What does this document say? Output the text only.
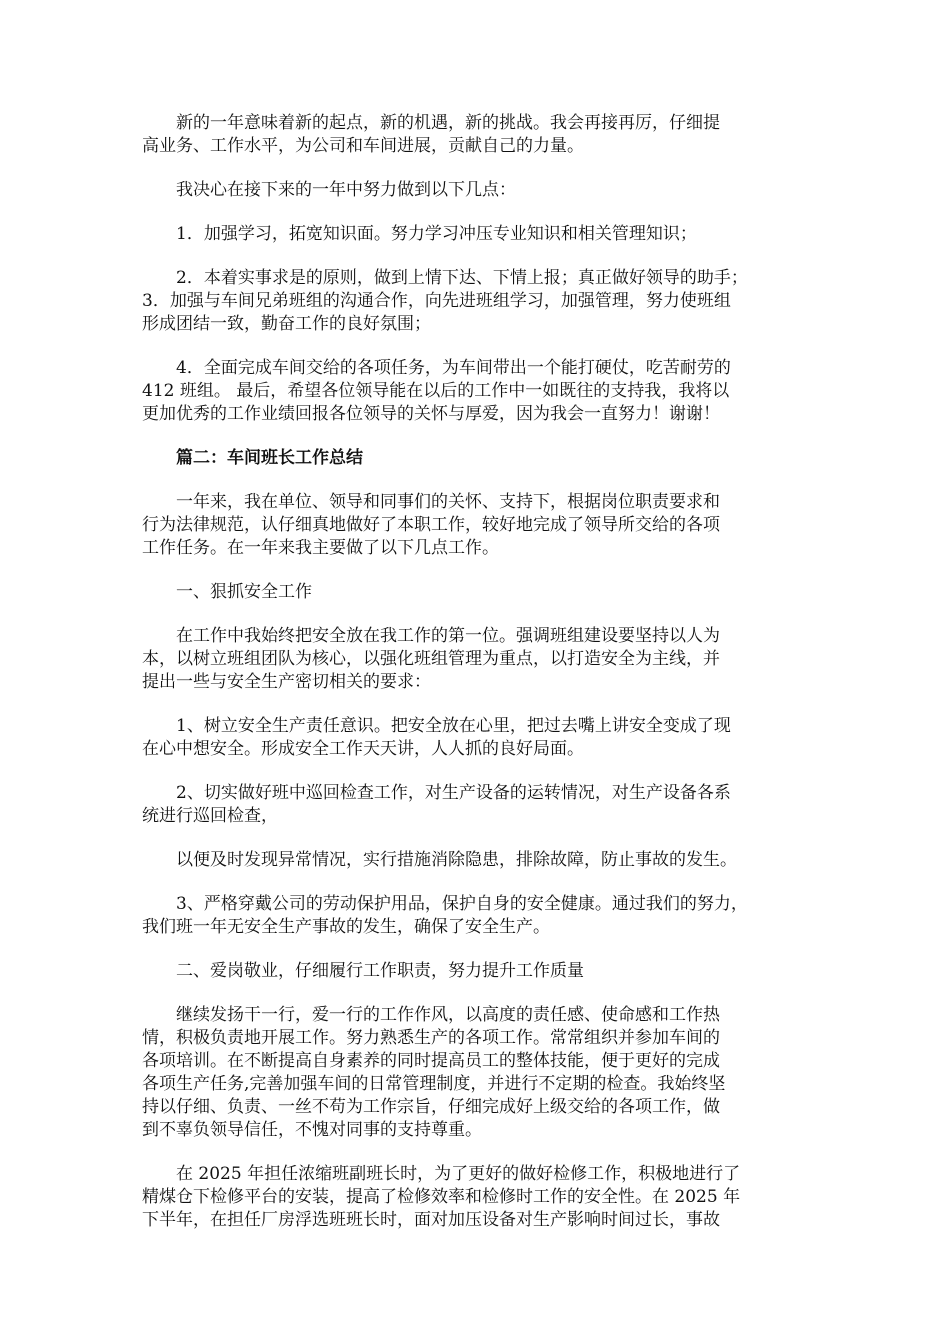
新的一年意味着新的起点，新的机遇，新的挑战。我会再接再厉，仔细提
高业务、工作水平，为公司和车间进展，贡献自己的力量。

我决心在接下来的一年中努力做到以下几点：

1．加强学习，拓宽知识面。努力学习冲压专业知识和相关管理知识；

2．本着实事求是的原则，做到上情下达、下情上报；真正做好领导的助手；
3．加强与车间兄弟班组的沟通合作，向先进班组学习，加强管理，努力使班组
形成团结一致，勤奋工作的良好氛围；

4．全面完成车间交给的各项任务，为车间带出一个能打硬仗，吃苦耐劳的
412 班组。 最后，希望各位领导能在以后的工作中一如既往的支持我，我将以
更加优秀的工作业绩回报各位领导的关怀与厚爱，因为我会一直努力！谢谢！

篇二：车间班长工作总结

一年来，我在单位、领导和同事们的关怀、支持下，根据岗位职责要求和
行为法律规范，认仔细真地做好了本职工作，较好地完成了领导所交给的各项
工作任务。在一年来我主要做了以下几点工作。

一、狠抓安全工作

在工作中我始终把安全放在我工作的第一位。强调班组建设要坚持以人为
本，以树立班组团队为核心，以强化班组管理为重点，以打造安全为主线，并
提出一些与安全生产密切相关的要求：

1、树立安全生产责任意识。把安全放在心里，把过去嘴上讲安全变成了现
在心中想安全。形成安全工作天天讲，人人抓的良好局面。

2、切实做好班中巡回检查工作，对生产设备的运转情况，对生产设备各系
统进行巡回检查，

以便及时发现异常情况，实行措施消除隐患，排除故障，防止事故的发生。

3、严格穿戴公司的劳动保护用品，保护自身的安全健康。通过我们的努力，
我们班一年无安全生产事故的发生，确保了安全生产。

二、爱岗敬业，仔细履行工作职责，努力提升工作质量

继续发扬干一行，爱一行的工作作风，以高度的责任感、使命感和工作热
情，积极负责地开展工作。努力熟悉生产的各项工作。常常组织并参加车间的
各项培训。在不断提高自身素养的同时提高员工的整体技能，便于更好的完成
各项生产任务,完善加强车间的日常管理制度，并进行不定期的检查。我始终坚
持以仔细、负责、一丝不苟为工作宗旨，仔细完成好上级交给的各项工作，做
到不辜负领导信任，不愧对同事的支持尊重。

在 2025 年担任浓缩班副班长时，为了更好的做好检修工作，积极地进行了
精煤仓下检修平台的安装，提高了检修效率和检修时工作的安全性。在 2025 年
下半年，在担任厂房浮选班班长时，面对加压设备对生产影响时间过长，事故
